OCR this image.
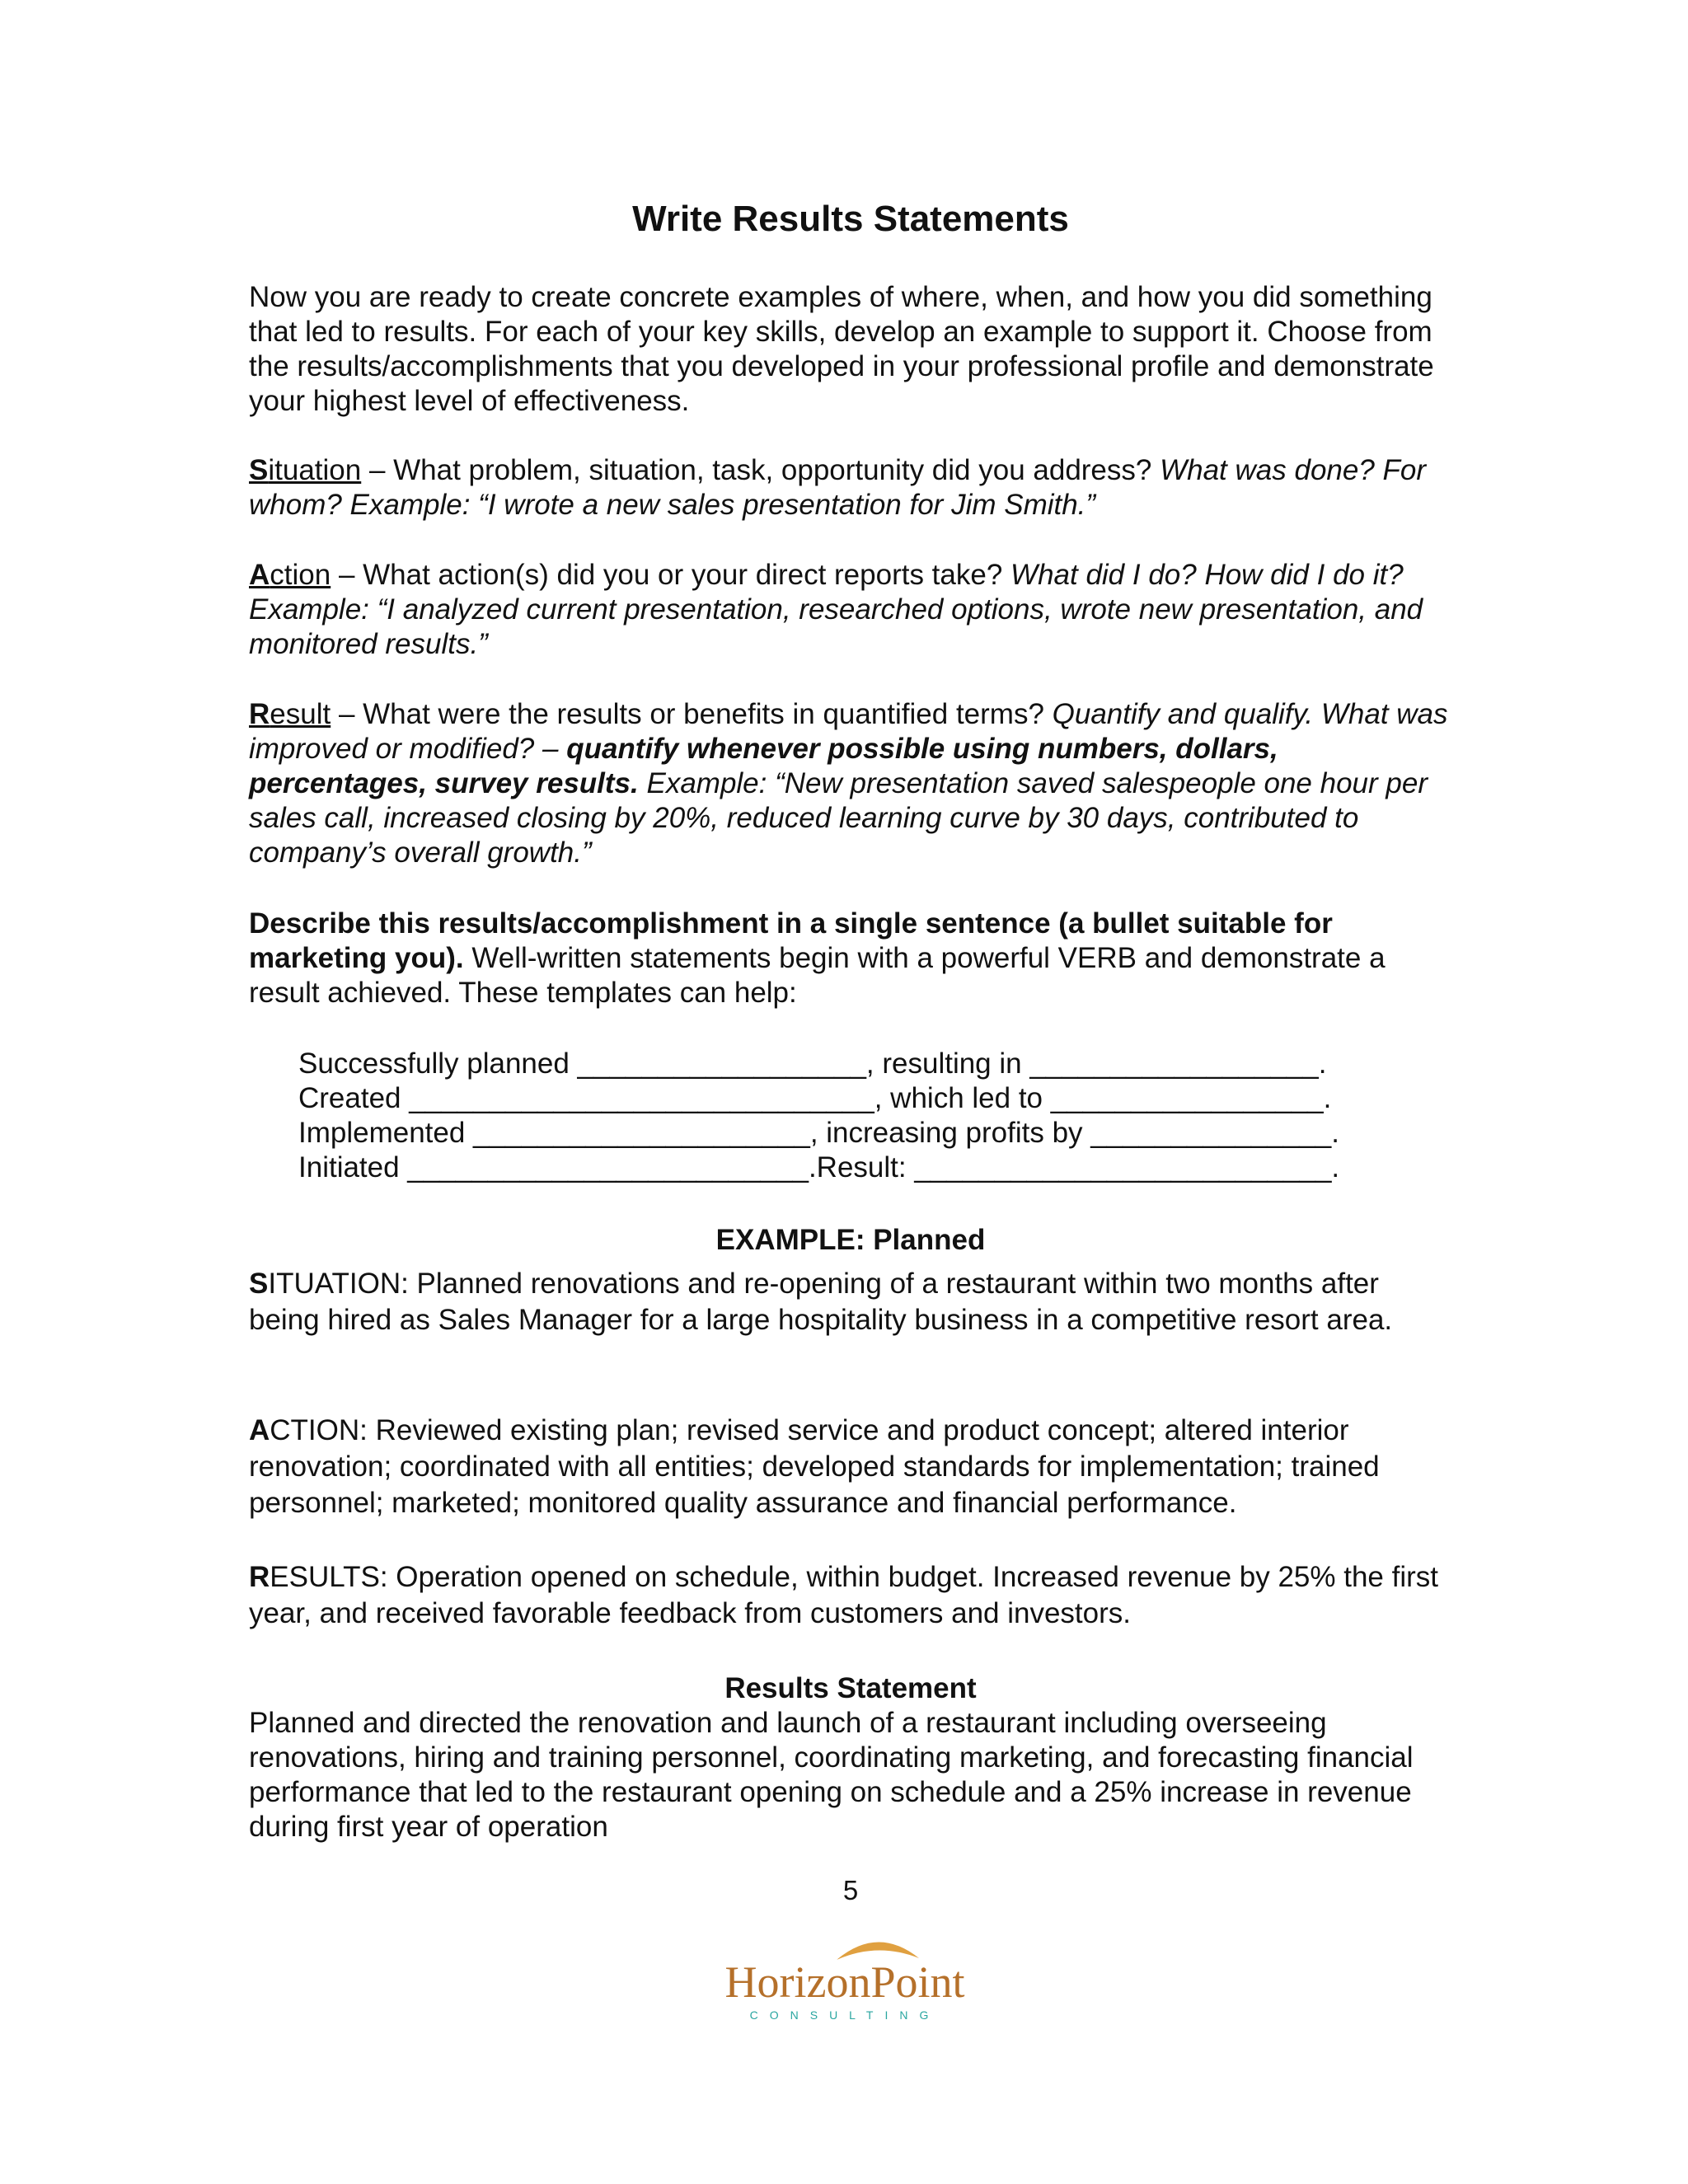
Write Results Statements

Now you are ready to create concrete examples of where, when, and how you did something that led to results. For each of your key skills, develop an example to support it. Choose from the results/accomplishments that you developed in your professional profile and demonstrate your highest level of effectiveness.

Situation – What problem, situation, task, opportunity did you address? What was done? For whom? Example: “I wrote a new sales presentation for Jim Smith.”

Action – What action(s) did you or your direct reports take? What did I do? How did I do it? Example: “I analyzed current presentation, researched options, wrote new presentation, and monitored results.”

Result – What were the results or benefits in quantified terms? Quantify and qualify. What was improved or modified? – quantify whenever possible using numbers, dollars, percentages, survey results. Example: “New presentation saved salespeople one hour per sales call, increased closing by 20%, reduced learning curve by 30 days, contributed to company’s overall growth.”

Describe this results/accomplishment in a single sentence (a bullet suitable for marketing you). Well-written statements begin with a powerful VERB and demonstrate a result achieved. These templates can help:

Successfully planned __________________, resulting in __________________.
Created _____________________________, which led to _________________.
Implemented _____________________, increasing profits by _______________.
Initiated _________________________.Result: __________________________.

EXAMPLE: Planned

SITUATION: Planned renovations and re-opening of a restaurant within two months after being hired as Sales Manager for a large hospitality business in a competitive resort area.

ACTION: Reviewed existing plan; revised service and product concept; altered interior renovation; coordinated with all entities; developed standards for implementation; trained personnel; marketed; monitored quality assurance and financial performance.

RESULTS: Operation opened on schedule, within budget. Increased revenue by 25% the first year, and received favorable feedback from customers and investors.

Results Statement

Planned and directed the renovation and launch of a restaurant including overseeing renovations, hiring and training personnel, coordinating marketing, and forecasting financial performance that led to the restaurant opening on schedule and a 25% increase in revenue during first year of operation

5
HorizonPoint
CONSULTING
